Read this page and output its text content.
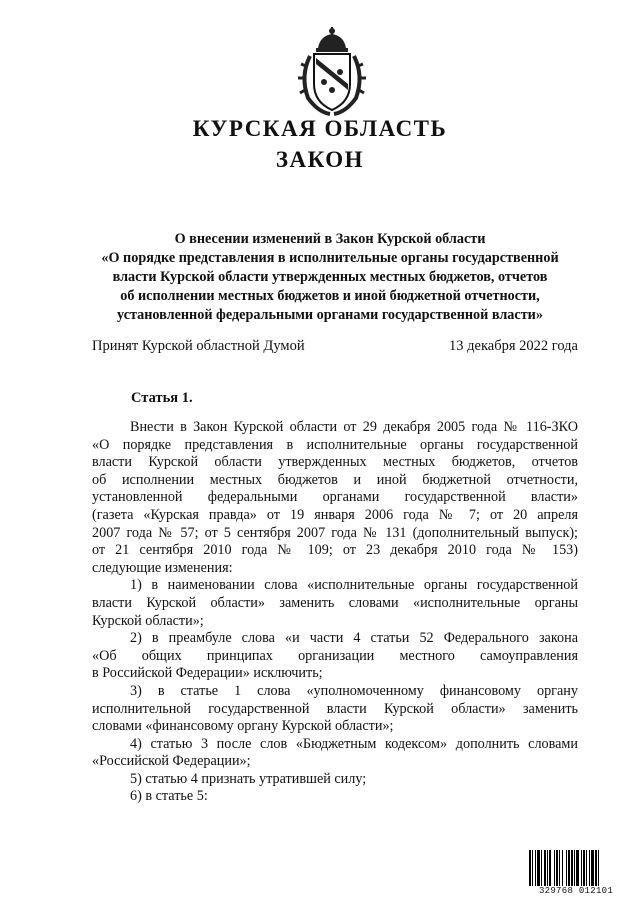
КУРСКАЯ ОБЛАСТЬ
ЗАКОН
О внесении изменений в Закон Курской области
«О порядке представления в исполнительные органы государственной
власти Курской области утвержденных местных бюджетов, отчетов
об исполнении местных бюджетов и иной бюджетной отчетности,
установленной федеральными органами государственной власти»
Принят Курской областной Думой	13 декабря 2022 года
Статья 1.
Внести в Закон Курской области от 29 декабря 2005 года № 116-ЗКО
«О порядке представления в исполнительные органы государственной
власти Курской области утвержденных местных бюджетов, отчетов
об исполнении местных бюджетов и иной бюджетной отчетности,
установленной федеральными органами государственной власти»
(газета «Курская правда» от 19 января 2006 года № 7; от 20 апреля
2007 года № 57; от 5 сентября 2007 года № 131 (дополнительный выпуск);
от 21 сентября 2010 года № 109; от 23 декабря 2010 года № 153)
следующие изменения:
1) в наименовании слова «исполнительные органы государственной
власти Курской области» заменить словами «исполнительные органы
Курской области»;
2) в преамбуле слова «и части 4 статьи 52 Федерального закона
«Об общих принципах организации местного самоуправления
в Российской Федерации» исключить;
3) в статье 1 слова «уполномоченному финансовому органу
исполнительной государственной власти Курской области» заменить
словами «финансовому органу Курской области»;
4) статью 3 после слов «Бюджетным кодексом» дополнить словами
«Российской Федерации»;
5) статью 4 признать утратившей силу;
6) в статье 5:
329768 012101
